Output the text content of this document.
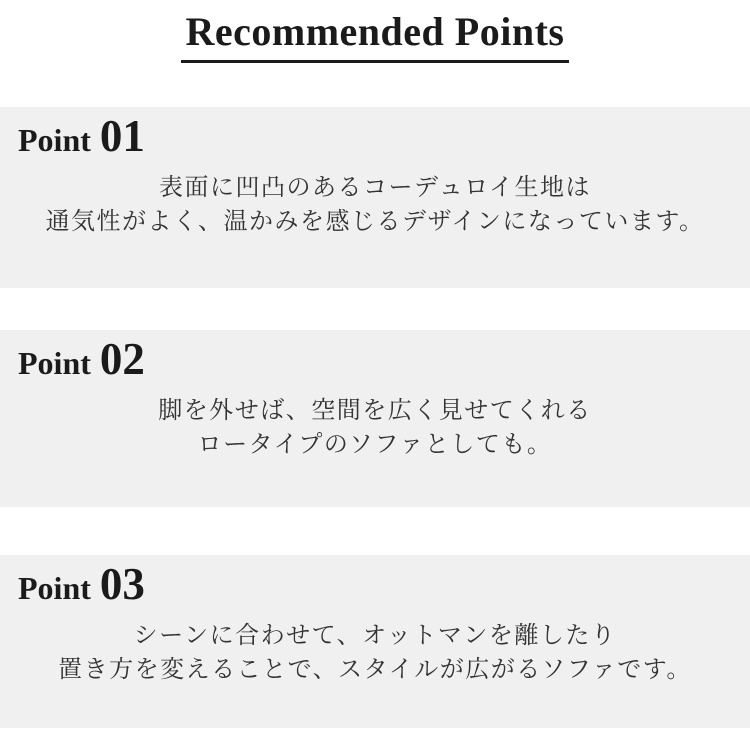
Recommended Points
Point 01
表面に凹凸のあるコーデュロイ生地は
通気性がよく、温かみを感じるデザインになっています。
Point 02
脚を外せば、空間を広く見せてくれる
ロータイプのソファとしても。
Point 03
シーンに合わせて、オットマンを離したり
置き方を変えることで、スタイルが広がるソファです。
